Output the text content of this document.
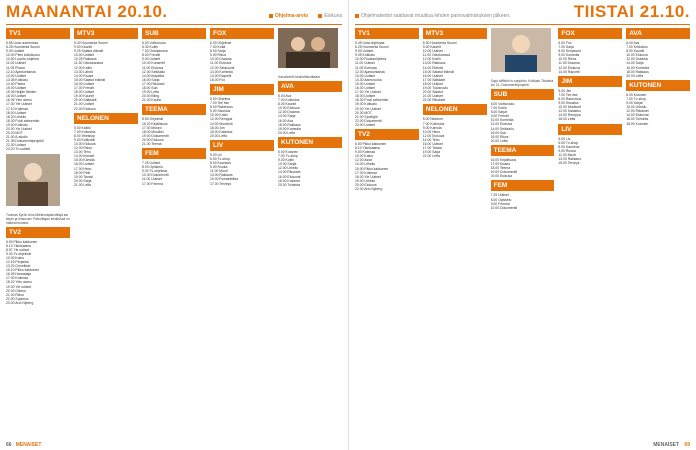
MAANANTAI 20.10.	Ohjelma-arvio	Elokuva
TV1
5.55 Uuta uumenissa
6.25 Huomenta Suomi
9.00 Uutiset
10.00 Pieni kokkikoulu
10.50 Luonto-ohjelma
11.00 Uutiset
11.05 Pisara
12.10 Ajankohtaista
13.00 Uutiset
13.05 Kotikatu
14.40 Pisara
15.00 Uutiset
15.05 Neljän tähden
16.00 Uutiset
16.05 Ylen aamu
17.00 Yle Uutiset
17.10 Kotimaa
18.00 Uutiset
18.20 Urheilu
18.30 Puoli seitsemän
19.00 Kotikatu
20.00 Yle Uutiset
20.20 MOT
21.00 A-studio
21.35 Dokumenttiprojekti
22.30 Uutiset
23.20 Tv-uutiset
Tuomas Kyrön teos Mielensäpahoittaja sai kirjan ja elokuvan. Pahoittajan keskiössä on haikeat muistot.
TV2
6.50 Pikku kakkonen
8.10 Ykkösaamu
8.57 Yle uutiset
9.00 Tv-ohjelmat
10.00 Kaino
12.15 Perjantai
13.20 Onnelliset
15.10 Pikku kakkonen
16.05 Harrastaja
17.00 Kotimaa
18.20 Ylen aamu
19.00 Yle uutiset
20.00 Oikeus
21.00 Rikos
22.00 Sopimus
23.00 Arto Nyberg
MTV3
5.30 Huomenta Suomi
9.00 Kauniit
9.25 Salatut elämät
10.00 Uutiset
10.25 Rakkaus
11.30 Ostoskanava
12.00 Kotiin
13.30 Lähiöt
14.00 Ruoka
15.00 Salatut elämät
16.00 Uutiset
17.00 Frendit
18.00 Uutiset
19.00 Kauniit
20.00 Salkkarit
21.00 Uutiset
22.00 Elokuva
NELONEN
5.00 Kaikki
7.00 Kotiostos
8.00 Teleshop
9.00 Kotikokki
10.00 Elokuva
12.00 Rikos
13.00 Teho
14.00 Ihmiset
15.00 Kahvila
16.00 Uutiset
17.00 Himo
18.00 Pelit
19.00 Tanssi
20.00 Sarja
21.00 Leffa
SUB
6.00 Voittoruutu
6.30 Kotiin
7.00 Ostokanava
8.00 Frendit
9.00 Uutiset
10.00 Konsertit
11.00 Elokuva
12.00 Seikkailu
14.00 Iltapäivä
16.00 Sarja
17.00 Rikokset
18.00 Sub
19.00 Leffa
20.00 Bling
21.00 Kauhu
TEEMA
5.50 Ohjelmat
16.20 Kirjallisuus
17.00 Museo
18.00 Musiikki
19.00 Dokumentti
20.00 Elokuva
21.00 Teema
FEM
7.25 Uutiset
8.00 Opiskelu
9.00 Tv-ohjelmat
10.00 Dokumentti
11.00 Uutiset
17.00 Femma
FOX
6.00 Ohjelmat
7.00 Kotia
8.00 Sarja
9.00 Rikos
10.00 Draama
11.00 Elokuva
12.00 Simpsonit
13.00 Komedia
14.00 Raportti
16.00 Fox
JIM
5.00 Ohjelma
7.00 Tee itse
8.00 Rakennus
9.00 Sisustus
10.00 Kokki
12.00 Remppa
14.00 Moottorit
16.00 Jim
18.00 Kalastus
20.00 Leffa
LIV
5.00 Liv
6.00 Tv-shop
8.00 Kauneus
9.00 Ruoka
11.00 Muoti
13.00 Rakkaus
15.00 Romantiikka
17.00 Terveys
Kanahotelli keskiviikkoiltaisin
AVA
6.00 Ava
7.00 Kotiostos
8.00 Kauniit
10.00 Elokuva
12.00 Draama
14.00 Sarja
16.00 Ava
18.00 Rakkaus
19.00 Komedia
20.00 Leffa
KUTONEN
6.00 Kutonen
7.00 Tv-shop
9.00 Kotiin
10.00 Sarjat
12.00 Urheilu
14.00 Rikokset
16.00 Elokuvat
18.00 Kutonen
20.00 Toiminta
66 MENAISET
Ohjelmatiedot saattavat muuttua lehden painovalmistuksen jälkeen.	TIISTAI 21.10.
TV1
5.45 Uuta ohjelmaa
6.25 Huomenta Suomi
9.00 Uutiset
9.05 Kotikatu
10.00 Ruokaohjelma
11.00 Uutiset
11.05 Kotimaa
12.00 Ajankohtaista
13.00 Uutiset
14.30 Aamuruoka
15.00 Uutiset
16.00 Uutiset
17.00 Yle Uutiset
18.00 Uutiset
18.30 Puoli seitsemän
19.00 Kotikatu
20.00 Yle Uutiset
20.30 MOT
21.00 Spotlight
22.00 Dokumentti
23.00 Uutiset
TV2
6.50 Pikku kakkonen
8.10 Ykkösaamu
9.00 Kotimaa
10.00 Kaino
12.00 Asiat
14.00 Urheilu
15.00 Pikku kakkonen
17.00 Kotimaa
18.00 Yle Uutiset
19.00 Urheilu
20.00 Elokuva
22.00 Arto Nyberg
MTV3
5.30 Huomenta Suomi
9.00 Kauniit
10.00 Uutiset
11.00 Ostokanava
12.00 Kotiin
13.00 Rakkaus
14.00 Elämät
15.00 Salatut elämät
16.00 Uutiset
17.00 Salkkarit
18.00 Uutiset
19.00 Tulosruutu
20.00 Salatut
21.00 Uutiset
22.00 Rikokset
NELONEN
5.00 Nelonen
7.00 Kotiostos
9.00 Kahvila
10.00 Himo
12.00 Elokuva
14.00 Teho
16.00 Uutiset
17.00 Tanssi
19.00 Sarja
21.00 Leffa
Sujut siiffisiin tv-sarjoihin. Kotikatu Tiistaina klo 21. Dokumenttiprojekti.
SUB
6.00 Voittoruutu
7.00 Kotiin
8.00 Sarjat
9.00 Frendit
10.00 Komedia
12.00 Elokuva
14.00 Seikkailu
16.00 Sub
18.00 Rikos
20.00 Leffa
TEEMA
16.00 Kirjallisuus
17.00 Museo
18.00 Teema
19.00 Dokumentti
20.00 Elokuva
FEM
7.25 Uutiset
8.00 Opiskelu
9.00 Femma
10.00 Dokumentti
FOX
6.00 Fox
7.00 Sarja
8.00 Simpsonit
9.00 Komedia
10.00 Rikos
11.00 Draama
12.00 Elokuva
14.00 Raportti
JIM
5.00 Jim
7.00 Tee itse
8.00 Rakennus
9.00 Sisustus
10.00 Moottorit
12.00 Kalastus
14.00 Remppa
16.00 Leffa
LIV
5.00 Liv
6.00 Tv-shop
8.00 Kauneus
9.00 Ruoka
11.00 Muoti
13.00 Rakkaus
15.00 Terveys
AVA
6.00 Ava
7.00 Kotiostos
8.00 Kauniit
10.00 Elokuva
12.00 Draama
14.00 Sarja
16.00 Komedia
18.00 Rakkaus
20.00 Leffa
KUTONEN
6.00 Kutonen
7.00 Tv-shop
9.00 Sarjat
10.00 Urheilu
12.00 Rikokset
14.00 Elokuvat
16.00 Toiminta
18.00 Kutonen
MENAISET 69
